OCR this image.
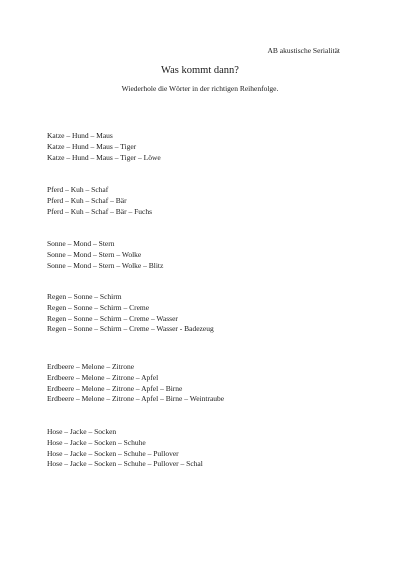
AB akustische Serialität
Was kommt dann?
Wiederhole die Wörter in der richtigen Reihenfolge.
Katze – Hund – Maus
Katze – Hund – Maus – Tiger
Katze – Hund – Maus – Tiger – Löwe
Pferd – Kuh – Schaf
Pferd – Kuh – Schaf – Bär
Pferd – Kuh – Schaf – Bär – Fuchs
Sonne – Mond – Stern
Sonne – Mond – Stern – Wolke
Sonne – Mond – Stern – Wolke – Blitz
Regen – Sonne – Schirm
Regen – Sonne – Schirm – Creme
Regen – Sonne – Schirm – Creme – Wasser
Regen – Sonne – Schirm – Creme – Wasser - Badezeug
Erdbeere – Melone – Zitrone
Erdbeere – Melone – Zitrone – Apfel
Erdbeere – Melone – Zitrone – Apfel – Birne
Erdbeere – Melone – Zitrone – Apfel – Birne – Weintraube
Hose – Jacke – Socken
Hose – Jacke – Socken – Schuhe
Hose – Jacke – Socken – Schuhe – Pullover
Hose – Jacke – Socken – Schuhe – Pullover – Schal
